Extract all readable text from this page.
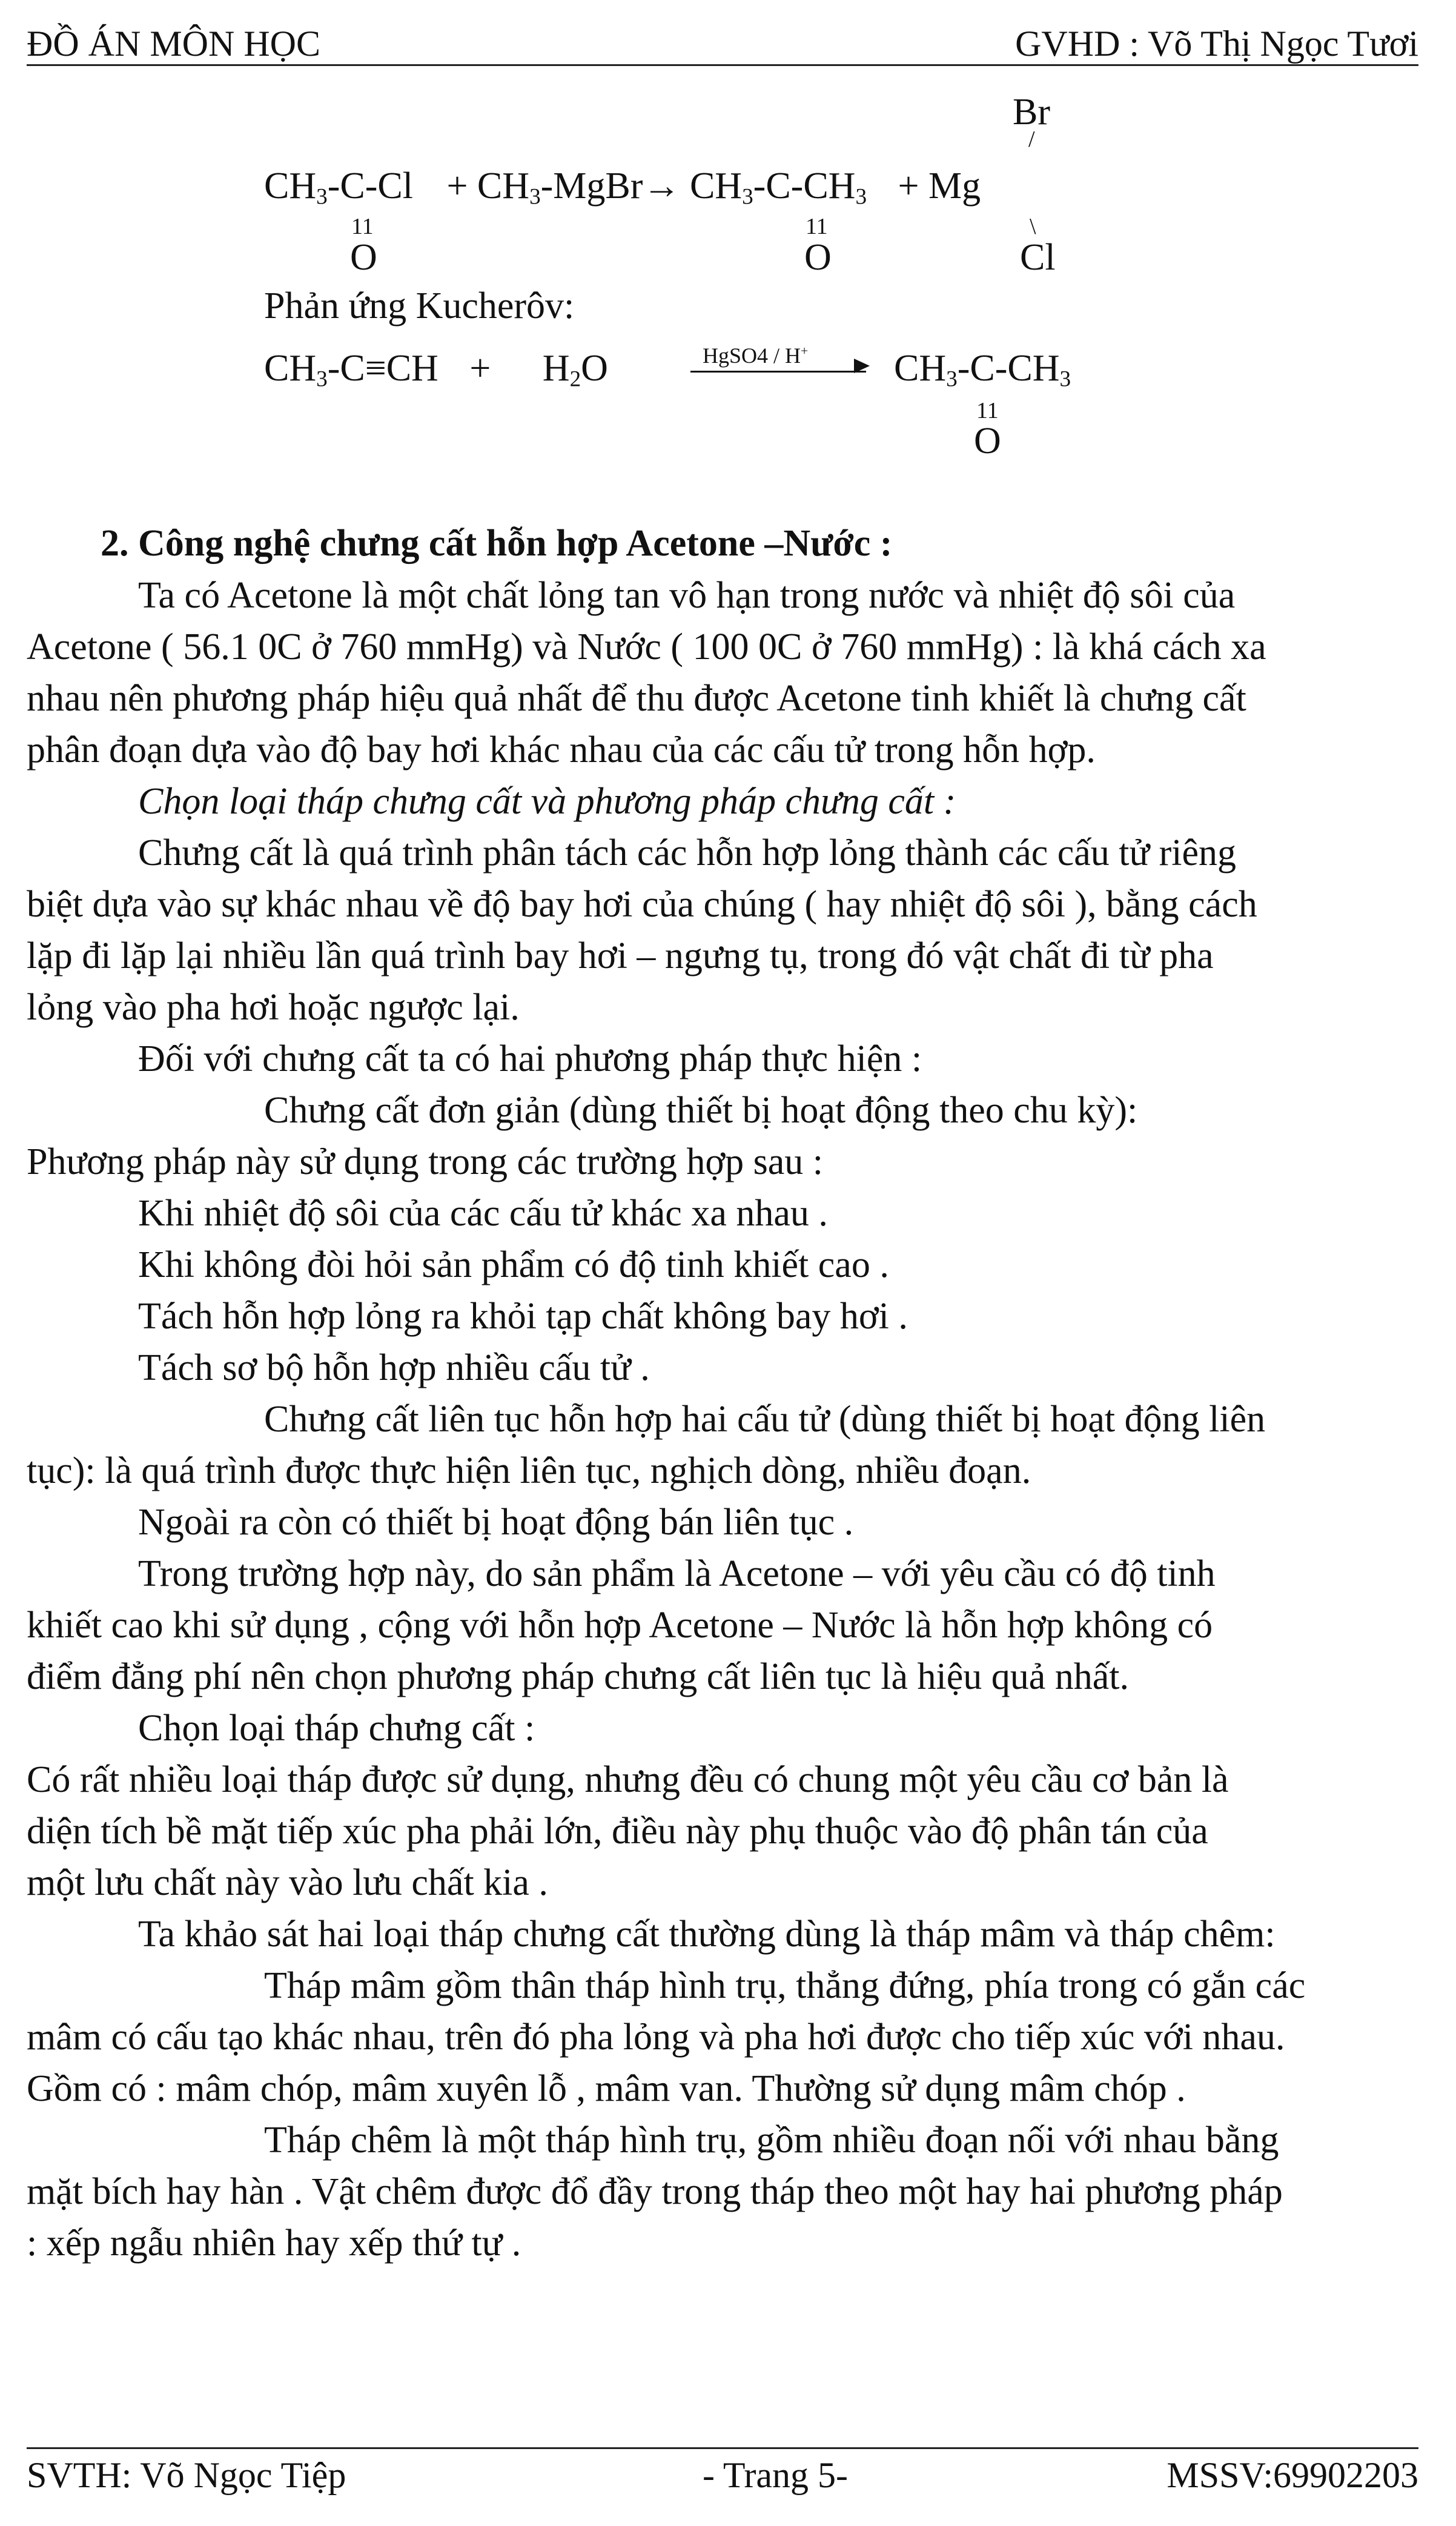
ĐỒ ÁN MÔN HỌC	GVHD : Võ Thị Ngọc Tươi
Br
/
$CH_3-C-Cl$ + $CH_3-MgBr\to CH_3-C-CH_3 + Mg$
11	11	\
O	O	Cl
Phản ứng Kucherôv:
$CH_3-C\equiv CH + H_2O$	HgSO4 / H+ $CH_3-C-CH_3$
11
O
2. Công nghệ chưng cất hỗn hợp Acetone –Nước :
Ta có Acetone là một chất lỏng tan vô hạn trong nước và nhiệt độ sôi của
Acetone ( 56.1 0C ở 760 mmHg) và Nước ( 100 0C ở 760 mmHg) : là khá cách xa
nhau nên phương pháp hiệu quả nhất để thu được Acetone tinh khiết là chưng cất
phân đoạn dựa vào độ bay hơi khác nhau của các cấu tử trong hỗn hợp.
Chọn loại tháp chưng cất và phương pháp chưng cất :
Chưng cất là quá trình phân tách các hỗn hợp lỏng thành các cấu tử riêng
biệt dựa vào sự khác nhau về độ bay hơi của chúng ( hay nhiệt độ sôi ), bằng cách
lặp đi lặp lại nhiều lần quá trình bay hơi – ngưng tụ, trong đó vật chất đi từ pha
lỏng vào pha hơi hoặc ngược lại.
Đối với chưng cất ta có hai phương pháp thực hiện :
Chưng cất đơn giản (dùng thiết bị hoạt động theo chu kỳ):
Phương pháp này sử dụng trong các trường hợp sau :
Khi nhiệt độ sôi của các cấu tử khác xa nhau .
Khi không đòi hỏi sản phẩm có độ tinh khiết cao .
Tách hỗn hợp lỏng ra khỏi tạp chất không bay hơi .
Tách sơ bộ hỗn hợp nhiều cấu tử .
Chưng cất liên tục hỗn hợp hai cấu tử (dùng thiết bị hoạt động liên
tục): là quá trình được thực hiện liên tục, nghịch dòng, nhiều đoạn.
Ngoài ra còn có thiết bị hoạt động bán liên tục .
Trong trường hợp này, do sản phẩm là Acetone – với yêu cầu có độ tinh
khiết cao khi sử dụng , cộng với hỗn hợp Acetone – Nước là hỗn hợp không có
điểm đẳng phí nên chọn phương pháp chưng cất liên tục là hiệu quả nhất.
Chọn loại tháp chưng cất :
Có rất nhiều loại tháp được sử dụng, nhưng đều có chung một yêu cầu cơ bản là
diện tích bề mặt tiếp xúc pha phải lớn, điều này phụ thuộc vào độ phân tán của
một lưu chất này vào lưu chất kia .
Ta khảo sát hai loại tháp chưng cất thường dùng là tháp mâm và tháp chêm:
Tháp mâm gồm thân tháp hình trụ, thẳng đứng, phía trong có gắn các
mâm có cấu tạo khác nhau, trên đó pha lỏng và pha hơi được cho tiếp xúc với nhau.
Gồm có : mâm chóp, mâm xuyên lỗ , mâm van. Thường sử dụng mâm chóp .
Tháp chêm là một tháp hình trụ, gồm nhiều đoạn nối với nhau bằng
mặt bích hay hàn . Vật chêm được đổ đầy trong tháp theo một hay hai phương pháp
: xếp ngẫu nhiên hay xếp thứ tự .
SVTH: Võ Ngọc Tiệp	- Trang 5-	MSSV:69902203
